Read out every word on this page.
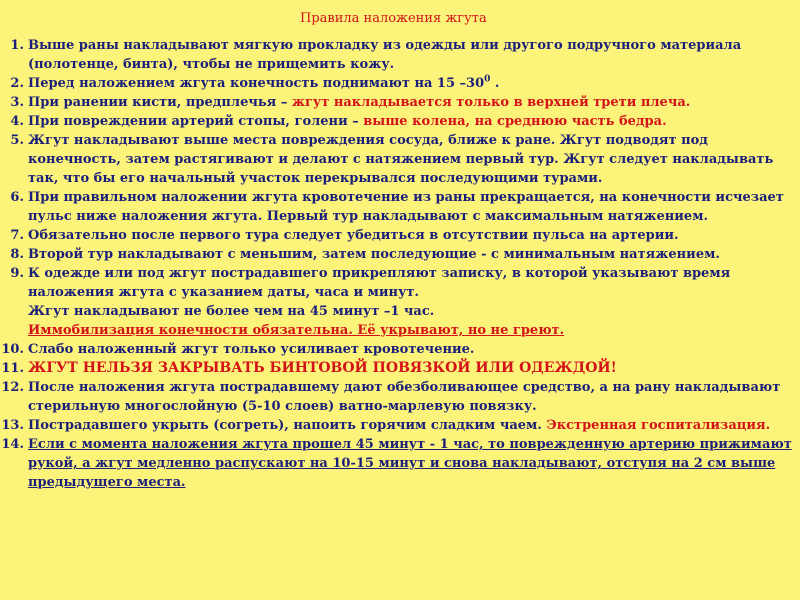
Правила наложения жгута
1. Выше раны накладывают мягкую прокладку из одежды или другого подручного материала (полотенце, бинта), чтобы не прищемить кожу.
2. Перед наложением жгута конечность поднимают на 15 $-30^0$ .
3. При ранении кисти, предплечья – жгут накладывается только в верхней трети плеча.
4. При повреждении артерий стопы, голени – выше колена, на среднюю часть бедра.
5. Жгут накладывают выше места повреждения сосуда, ближе к ране. Жгут подводят под конечность, затем растягивают и делают с натяжением первый тур. Жгут следует накладывать так, что бы его начальный участок перекрывался последующими турами.
6. При правильном наложении жгута кровотечение из раны прекращается, на конечности исчезает пульс ниже наложения жгута. Первый тур накладывают с максимальным натяжением.
7. Обязательно после первого тура следует убедиться в отсутствии пульса на артерии.
8. Второй тур накладывают с меньшим, затем последующие - с минимальным натяжением.
9. К одежде или под жгут пострадавшего прикрепляют записку, в которой указывают время наложения жгута с указанием даты, часа и минут.
Жгут накладывают не более чем на 45 минут –1 час.
Иммобилизация конечности обязательна. Её укрывают, но не греют.
10. Слабо наложенный жгут только усиливает кровотечение.
11. ЖГУТ НЕЛЬЗЯ ЗАКРЫВАТЬ БИНТОВОЙ ПОВЯЗКОЙ ИЛИ ОДЕЖДОЙ!
12. После наложения жгута пострадавшему дают обезболивающее средство, а на рану накладывают стерильную многослойную (5-10 слоев) ватно-марлевую повязку.
13. Пострадавшего укрыть (согреть), напоить горячим сладким чаем. Экстренная госпитализация.
14. Если с момента наложения жгута прошел 45 минут - 1 час, то поврежденную артерию прижимают рукой, а жгут медленно распускают на 10-15 минут и снова накладывают, отступя на 2 см выше предыдущего места.
